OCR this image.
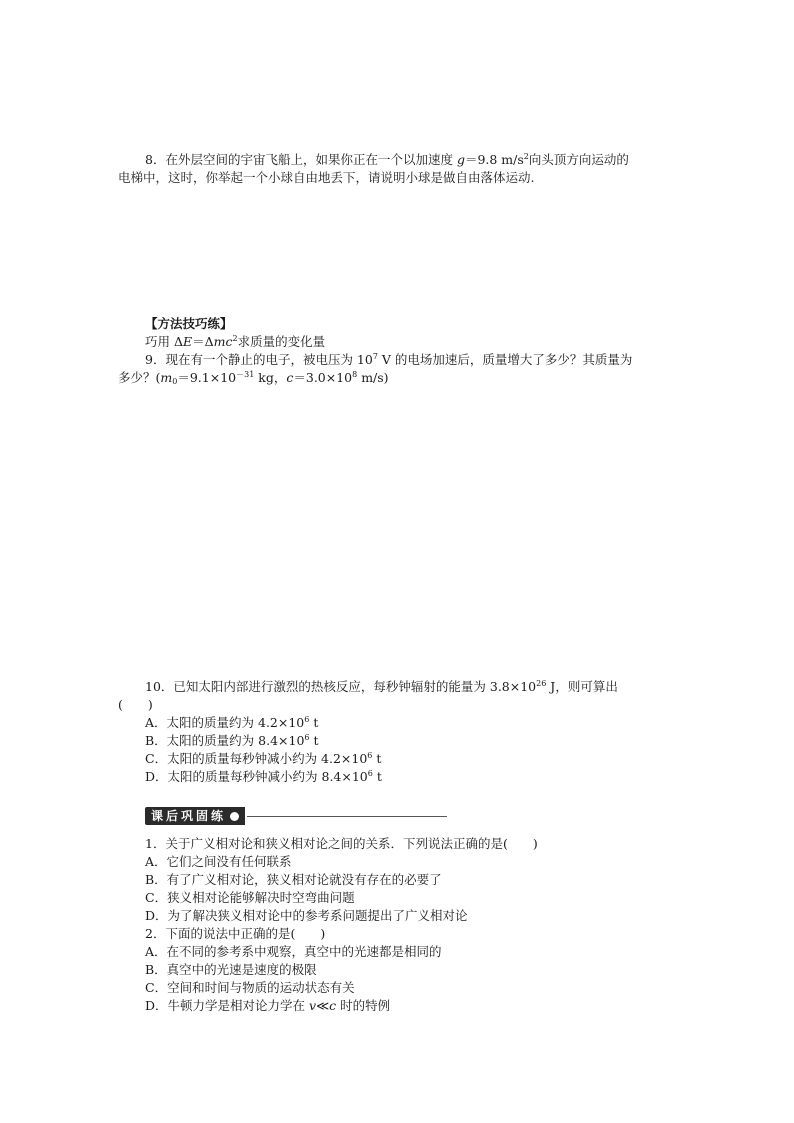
8．在外层空间的宇宙飞船上，如果你正在一个以加速度 g＝9.8 $m/s^2$向头顶方向运动的
电梯中，这时，你举起一个小球自由地丢下，请说明小球是做自由落体运动.
【方法技巧练】
巧用 ΔE＝Δmc$^2$求质量的变化量
9．现在有一个静止的电子，被电压为 $10^7$ V 的电场加速后，质量增大了多少？其质量为
多少？($m_0=9.1\times 10^{-31}$ kg，$c=3.0\times 10^8$ m/s)
10．已知太阳内部进行激烈的热核反应，每秒钟辐射的能量为 $3.8\times 10^{26}$ J，则可算出
(　　)
A．太阳的质量约为 $4.2\times 10^6$ t
B．太阳的质量约为 $8.4\times 10^6$ t
C．太阳的质量每秒钟减小约为 $4.2\times 10^6$ t
D．太阳的质量每秒钟减小约为 $8.4\times 10^6$ t
课后巩固练
1．关于广义相对论和狭义相对论之间的关系．下列说法正确的是(　　)
A．它们之间没有任何联系
B．有了广义相对论，狭义相对论就没有存在的必要了
C．狭义相对论能够解决时空弯曲问题
D．为了解决狭义相对论中的参考系问题提出了广义相对论
2．下面的说法中正确的是(　　)
A．在不同的参考系中观察，真空中的光速都是相同的
B．真空中的光速是速度的极限
C．空间和时间与物质的运动状态有关
D．牛顿力学是相对论力学在 v≪c 时的特例
